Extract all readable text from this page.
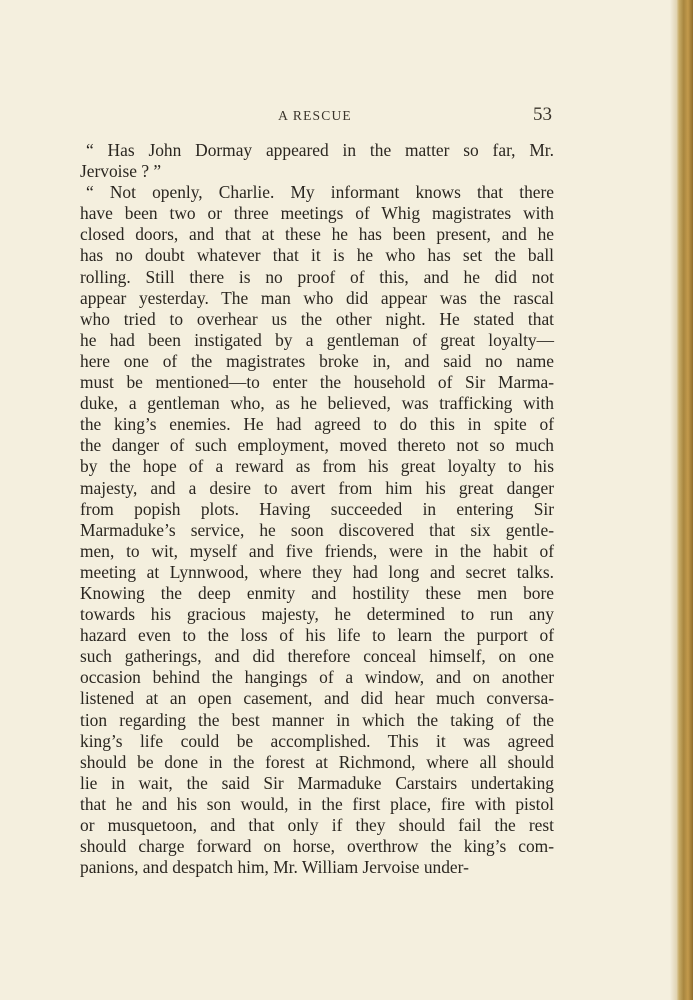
A RESCUE	53
“ Has John Dormay appeared in the matter so far, Mr.
Jervoise ? ”
“ Not openly, Charlie. My informant knows that there
have been two or three meetings of Whig magistrates with
closed doors, and that at these he has been present, and he
has no doubt whatever that it is he who has set the ball
rolling. Still there is no proof of this, and he did not
appear yesterday. The man who did appear was the rascal
who tried to overhear us the other night. He stated that
he had been instigated by a gentleman of great loyalty—
here one of the magistrates broke in, and said no name
must be mentioned—to enter the household of Sir Marma-
duke, a gentleman who, as he believed, was trafficking with
the king’s enemies. He had agreed to do this in spite of
the danger of such employment, moved thereto not so much
by the hope of a reward as from his great loyalty to his
majesty, and a desire to avert from him his great danger
from popish plots. Having succeeded in entering Sir
Marmaduke’s service, he soon discovered that six gentle-
men, to wit, myself and five friends, were in the habit of
meeting at Lynnwood, where they had long and secret talks.
Knowing the deep enmity and hostility these men bore
towards his gracious majesty, he determined to run any
hazard even to the loss of his life to learn the purport of
such gatherings, and did therefore conceal himself, on one
occasion behind the hangings of a window, and on another
listened at an open casement, and did hear much conversa-
tion regarding the best manner in which the taking of the
king’s life could be accomplished. This it was agreed
should be done in the forest at Richmond, where all should
lie in wait, the said Sir Marmaduke Carstairs undertaking
that he and his son would, in the first place, fire with pistol
or musquetoon, and that only if they should fail the rest
should charge forward on horse, overthrow the king’s com-
panions, and despatch him, Mr. William Jervoise under-
